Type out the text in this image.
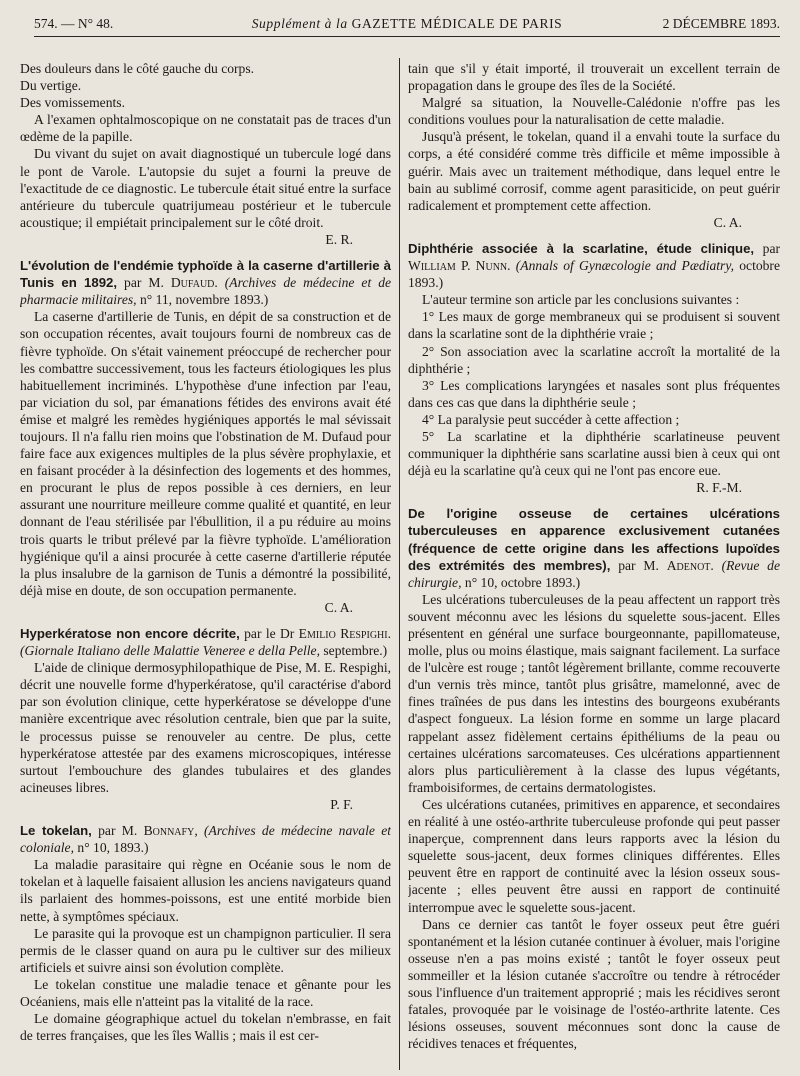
574. — N° 48.	Supplément à la GAZETTE MÉDICALE DE PARIS	2 DÉCEMBRE 1893.

Des douleurs dans le côté gauche du corps.

Du vertige.

Des vomissements.

A l'examen ophtalmoscopique on ne constatait pas de traces d'un œdème de la papille.

Du vivant du sujet on avait diagnostiqué un tubercule logé dans le pont de Varole. L'autopsie du sujet a fourni la preuve de l'exactitude de ce diagnostic. Le tubercule était situé entre la surface antérieure du tubercule quatrijumeau postérieur et le tubercule acoustique; il empiétait principalement sur le côté droit.

E. R.

L'évolution de l'endémie typhoïde à la caserne d'artillerie à Tunis en 1892, par M. Dufaud. (Archives de médecine et de pharmacie militaires, n° 11, novembre 1893.)

La caserne d'artillerie de Tunis, en dépit de sa construction et de son occupation récentes, avait toujours fourni de nombreux cas de fièvre typhoïde. On s'était vainement préoccupé de rechercher pour les combattre successivement, tous les facteurs étiologiques les plus habituellement incriminés. L'hypothèse d'une infection par l'eau, par viciation du sol, par émanations fétides des environs avait été émise et malgré les remèdes hygiéniques apportés le mal sévissait toujours. Il n'a fallu rien moins que l'obstination de M. Dufaud pour faire face aux exigences multiples de la plus sévère prophylaxie, et en faisant procéder à la désinfection des logements et des hommes, en procurant le plus de repos possible à ces derniers, en leur assurant une nourriture meilleure comme qualité et quantité, en leur donnant de l'eau stérilisée par l'ébullition, il a pu réduire au moins trois quarts le tribut prélevé par la fièvre typhoïde. L'amélioration hygiénique qu'il a ainsi procurée à cette caserne d'artillerie réputée la plus insalubre de la garnison de Tunis a démontré la possibilité, déjà mise en doute, de son occupation permanente.

C. A.

Hyperkératose non encore décrite, par le Dr Emilio Respighi. (Giornale Italiano delle Malattie Veneree e della Pelle, septembre.)

L'aide de clinique dermosyphilopathique de Pise, M. E. Respighi, décrit une nouvelle forme d'hyperkératose, qu'il caractérise d'abord par son évolution clinique, cette hyperkératose se développe d'une manière excentrique avec résolution centrale, bien que par la suite, le processus puisse se renouveler au centre. De plus, cette hyperkératose attestée par des examens microscopiques, intéresse surtout l'embouchure des glandes tubulaires et des glandes acineuses libres.

P. F.

Le tokelan, par M. Bonnafy, (Archives de médecine navale et coloniale, n° 10, 1893.)

La maladie parasitaire qui règne en Océanie sous le nom de tokelan et à laquelle faisaient allusion les anciens navigateurs quand ils parlaient des hommes-poissons, est une entité morbide bien nette, à symptômes spéciaux.

Le parasite qui la provoque est un champignon particulier. Il sera permis de le classer quand on aura pu le cultiver sur des milieux artificiels et suivre ainsi son évolution complète.

Le tokelan constitue une maladie tenace et gênante pour les Océaniens, mais elle n'atteint pas la vitalité de la race.

Le domaine géographique actuel du tokelan n'embrasse, en fait de terres françaises, que les îles Wallis ; mais il est cer-

tain que s'il y était importé, il trouverait un excellent terrain de propagation dans le groupe des îles de la Société.

Malgré sa situation, la Nouvelle-Calédonie n'offre pas les conditions voulues pour la naturalisation de cette maladie.

Jusqu'à présent, le tokelan, quand il a envahi toute la surface du corps, a été considéré comme très difficile et même impossible à guérir. Mais avec un traitement méthodique, dans lequel entre le bain au sublimé corrosif, comme agent parasiticide, on peut guérir radicalement et promptement cette affection.

C. A.

Diphthérie associée à la scarlatine, étude clinique, par William P. Nunn. (Annals of Gynæcologie and Pædiatry, octobre 1893.)

L'auteur termine son article par les conclusions suivantes :

1° Les maux de gorge membraneux qui se produisent si souvent dans la scarlatine sont de la diphthérie vraie ;

2° Son association avec la scarlatine accroît la mortalité de la diphthérie ;

3° Les complications laryngées et nasales sont plus fréquentes dans ces cas que dans la diphthérie seule ;

4° La paralysie peut succéder à cette affection ;

5° La scarlatine et la diphthérie scarlatineuse peuvent communiquer la diphthérie sans scarlatine aussi bien à ceux qui ont déjà eu la scarlatine qu'à ceux qui ne l'ont pas encore eue.

R. F.-M.

De l'origine osseuse de certaines ulcérations tuberculeuses en apparence exclusivement cutanées (fréquence de cette origine dans les affections lupoïdes des extrémités des membres), par M. Adenot. (Revue de chirurgie, n° 10, octobre 1893.)

Les ulcérations tuberculeuses de la peau affectent un rapport très souvent méconnu avec les lésions du squelette sous-jacent. Elles présentent en général une surface bourgeonnante, papillomateuse, molle, plus ou moins élastique, mais saignant facilement. La surface de l'ulcère est rouge ; tantôt légèrement brillante, comme recouverte d'un vernis très mince, tantôt plus grisâtre, mamelonné, avec de fines traînées de pus dans les intestins des bourgeons exubérants d'aspect fongueux. La lésion forme en somme un large placard rappelant assez fidèlement certains épithéliums de la peau ou certaines ulcérations sarcomateuses. Ces ulcérations appartiennent alors plus particulièrement à la classe des lupus végétants, framboisiformes, de certains dermatologistes.

Ces ulcérations cutanées, primitives en apparence, et secondaires en réalité à une ostéo-arthrite tuberculeuse profonde qui peut passer inaperçue, comprennent dans leurs rapports avec la lésion du squelette sous-jacent, deux formes cliniques différentes. Elles peuvent être en rapport de continuité avec la lésion osseux sous-jacente ; elles peuvent être aussi en rapport de continuité interrompue avec le squelette sous-jacent.

Dans ce dernier cas tantôt le foyer osseux peut être guéri spontanément et la lésion cutanée continuer à évoluer, mais l'origine osseuse n'en a pas moins existé ; tantôt le foyer osseux peut sommeiller et la lésion cutanée s'accroître ou tendre à rétrocéder sous l'influence d'un traitement approprié ; mais les récidives seront fatales, provoquée par le voisinage de l'ostéo-arthrite latente. Ces lésions osseuses, souvent méconnues sont donc la cause de récidives tenaces et fréquentes,
